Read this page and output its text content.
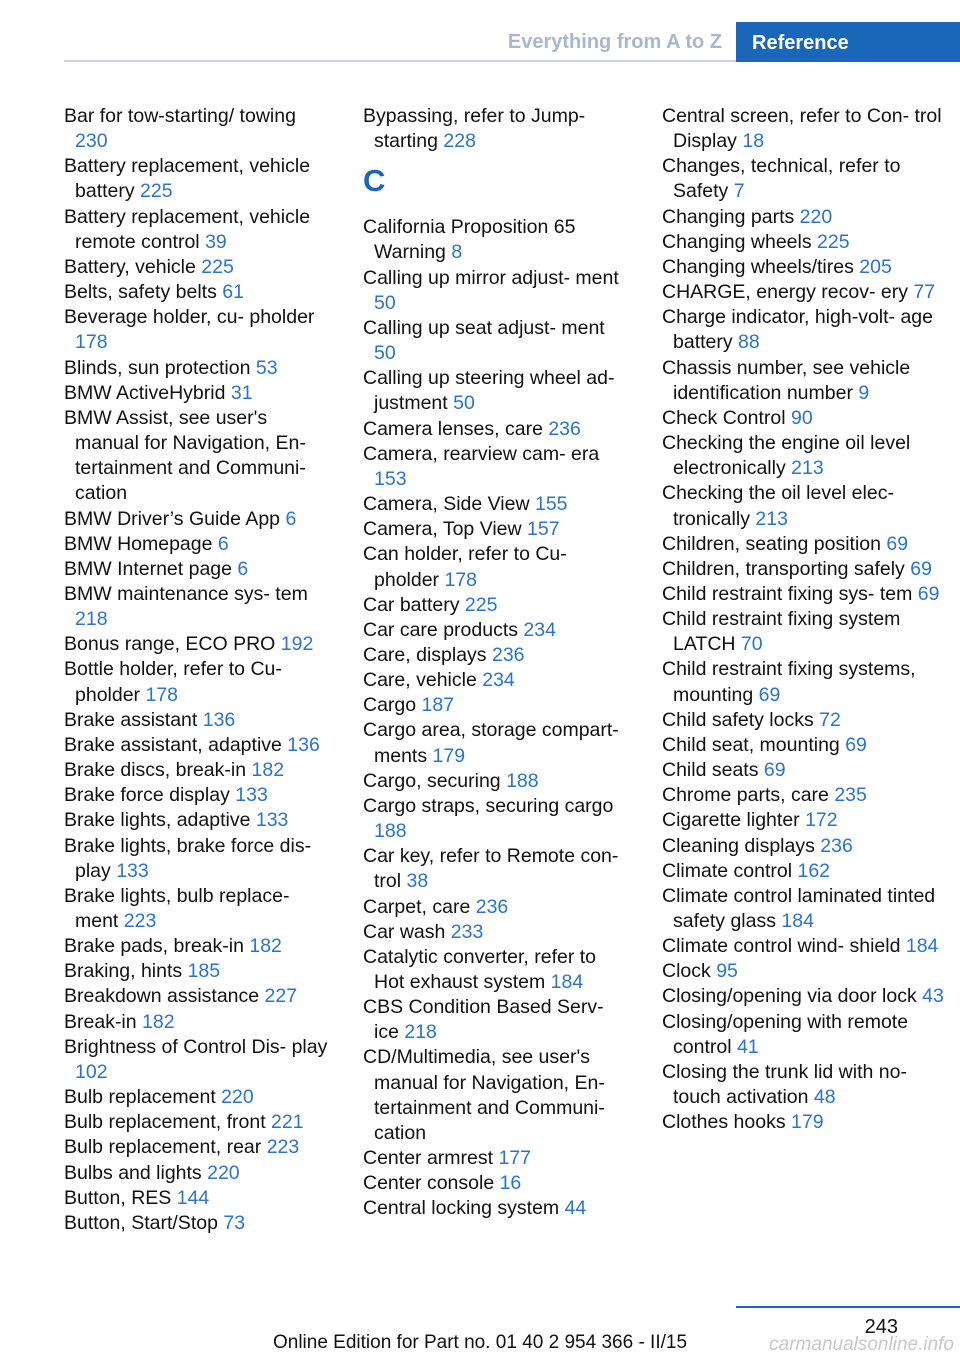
Everything from A to Z	Reference
Bar for tow-starting/ towing 230
Battery replacement, vehicle battery 225
Battery replacement, vehicle remote control 39
Battery, vehicle 225
Belts, safety belts 61
Beverage holder, cu‐ pholder 178
Blinds, sun protection 53
BMW ActiveHybrid 31
BMW Assist, see user's manual for Navigation, En‐ tertainment and Communi‐ cation
BMW Driver’s Guide App 6
BMW Homepage 6
BMW Internet page 6
BMW maintenance sys‐ tem 218
Bonus range, ECO PRO 192
Bottle holder, refer to Cu‐ pholder 178
Brake assistant 136
Brake assistant, adaptive 136
Brake discs, break-in 182
Brake force display 133
Brake lights, adaptive 133
Brake lights, brake force dis‐ play 133
Brake lights, bulb replace‐ ment 223
Brake pads, break-in 182
Braking, hints 185
Breakdown assistance 227
Break-in 182
Brightness of Control Dis‐ play 102
Bulb replacement 220
Bulb replacement, front 221
Bulb replacement, rear 223
Bulbs and lights 220
Button, RES 144
Button, Start/Stop 73
Bypassing, refer to Jump- starting 228
C
California Proposition 65 Warning 8
Calling up mirror adjust‐ ment 50
Calling up seat adjust‐ ment 50
Calling up steering wheel ad‐ justment 50
Camera lenses, care 236
Camera, rearview cam‐ era 153
Camera, Side View 155
Camera, Top View 157
Can holder, refer to Cu‐ pholder 178
Car battery 225
Car care products 234
Care, displays 236
Care, vehicle 234
Cargo 187
Cargo area, storage compart‐ ments 179
Cargo, securing 188
Cargo straps, securing cargo 188
Car key, refer to Remote con‐ trol 38
Carpet, care 236
Car wash 233
Catalytic converter, refer to Hot exhaust system 184
CBS Condition Based Serv‐ ice 218
CD/Multimedia, see user's manual for Navigation, En‐ tertainment and Communi‐ cation
Center armrest 177
Center console 16
Central locking system 44
Central screen, refer to Con‐ trol Display 18
Changes, technical, refer to Safety 7
Changing parts 220
Changing wheels 225
Changing wheels/tires 205
CHARGE, energy recov‐ ery 77
Charge indicator, high-volt‐ age battery 88
Chassis number, see vehicle identification number 9
Check Control 90
Checking the engine oil level electronically 213
Checking the oil level elec‐ tronically 213
Children, seating position 69
Children, transporting safely 69
Child restraint fixing sys‐ tem 69
Child restraint fixing system LATCH 70
Child restraint fixing systems, mounting 69
Child safety locks 72
Child seat, mounting 69
Child seats 69
Chrome parts, care 235
Cigarette lighter 172
Cleaning displays 236
Climate control 162
Climate control laminated tinted safety glass 184
Climate control wind‐ shield 184
Clock 95
Closing/opening via door lock 43
Closing/opening with remote control 41
Closing the trunk lid with no- touch activation 48
Clothes hooks 179
243
Online Edition for Part no. 01 40 2 954 366 - II/15	carmanualsonline.info
